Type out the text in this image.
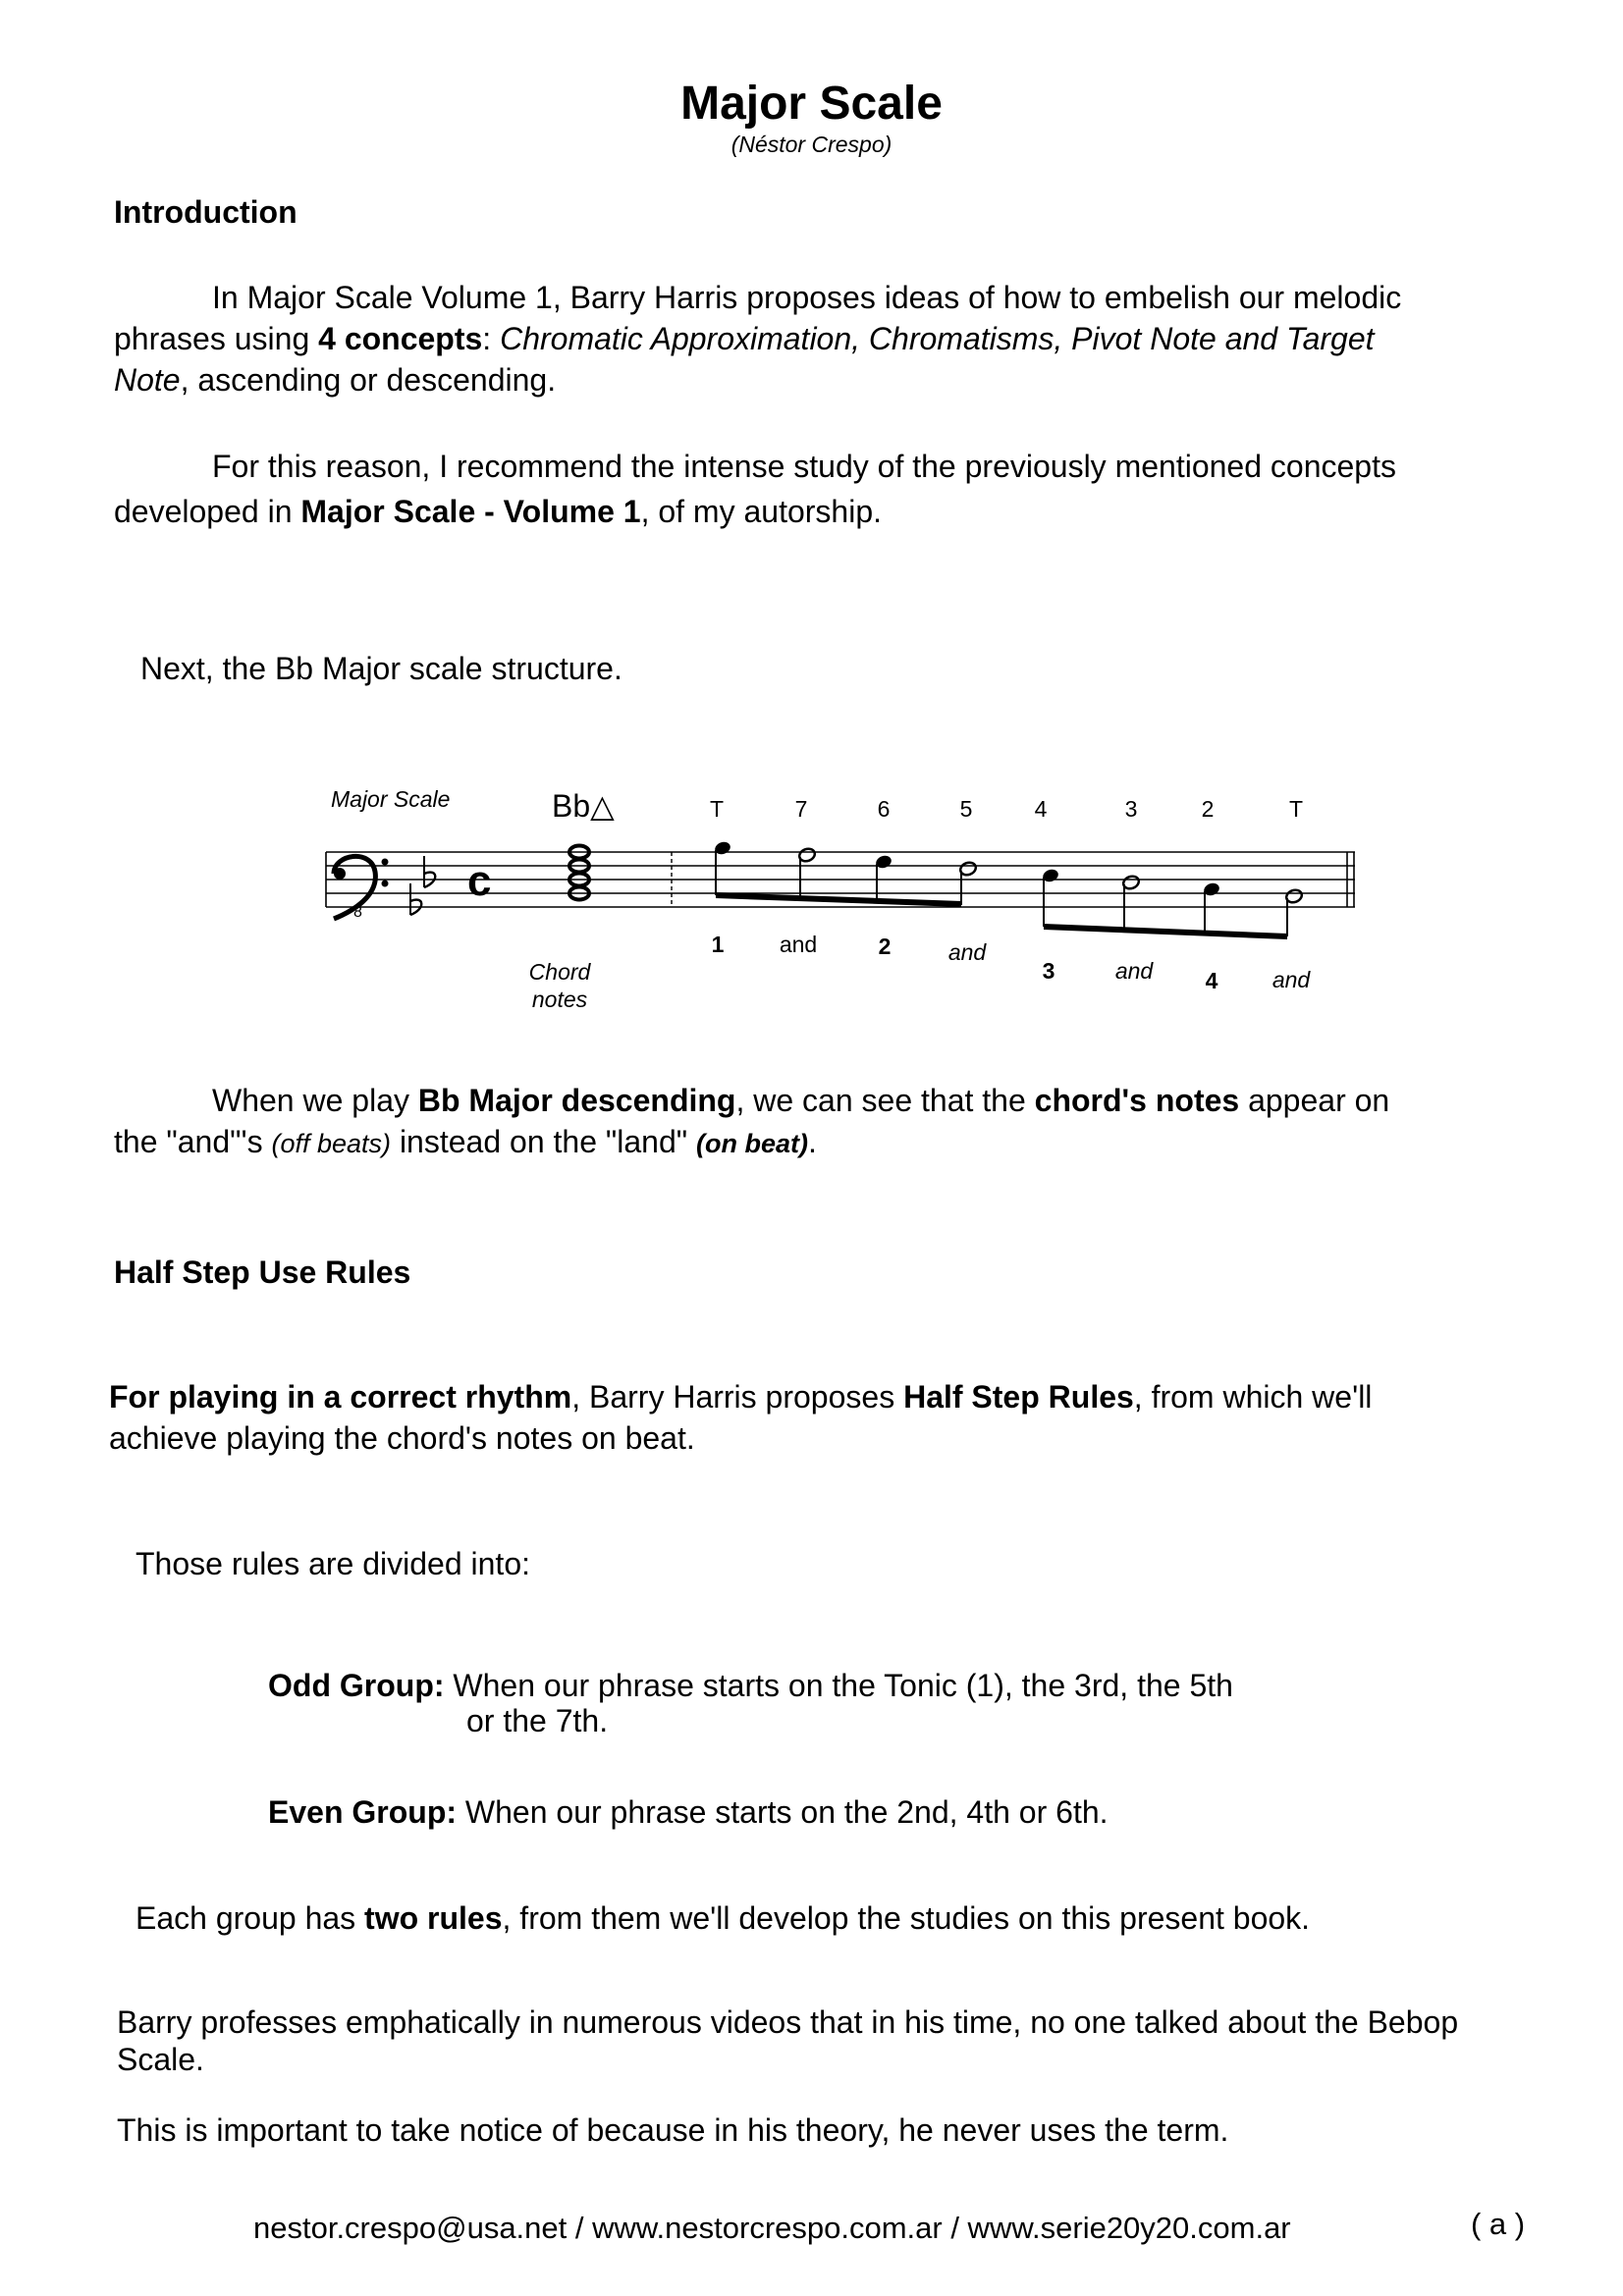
Major Scale
(Néstor Crespo)
Introduction
In Major Scale Volume 1, Barry Harris proposes ideas of how to embelish our melodic
phrases using 4 concepts: Chromatic Approximation, Chromatisms, Pivot Note and Target
Note, ascending or descending.
For this reason, I recommend the intense study of the previously mentioned concepts
developed in Major Scale - Volume 1, of my autorship.
Next, the Bb Major scale structure.
Major Scale	Bb△
8
c
T	7	6	5	4	3	2	T
1 and	2	and
3	and 4 and
Chord
notes
When we play Bb Major descending, we can see that the chord's notes appear on
the "and"'s (off beats) instead on the "land" (on beat).
Half Step Use Rules
For playing in a correct rhythm, Barry Harris proposes Half Step Rules, from which we'll
achieve playing the chord's notes on beat.
Those rules are divided into:
Odd Group: When our phrase starts on the Tonic (1), the 3rd, the 5th
or the 7th.
Even Group: When our phrase starts on the 2nd, 4th or 6th.
Each group has two rules, from them we'll develop the studies on this present book.
Barry professes emphatically in numerous videos that in his time, no one talked about the Bebop
Scale.
This is important to take notice of because in his theory, he never uses the term.
nestor.crespo@usa.net / www.nestorcrespo.com.ar / www.serie20y20.com.ar	( a )
